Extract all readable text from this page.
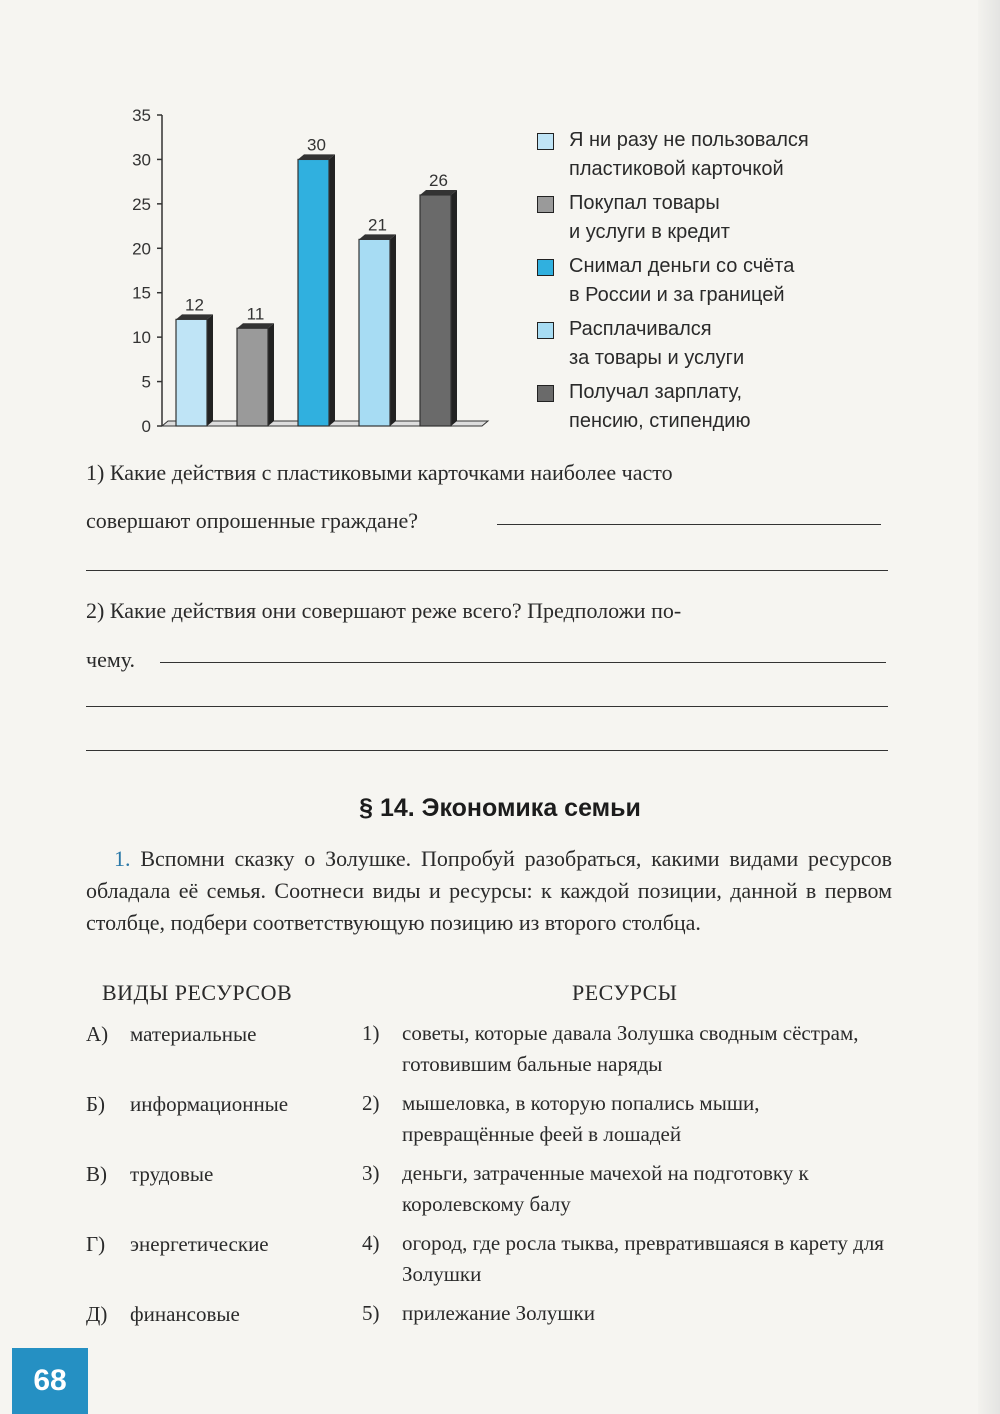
0
5
10
15
20
25
30
35
12	11
30
21
26
Я ни разу не пользовался
пластиковой карточкой
Покупал товары
и услуги в кредит
Снимал деньги со счёта
в России и за границей
Расплачивался
за товары и услуги
Получал зарплату,
пенсию, стипендию
1) Какие действия с пластиковыми карточками наиболее часто
совершают опрошенные граждане?
2) Какие действия они совершают реже всего? Предположи по-
чему.
§ 14. Экономика семьи
1. Вспомни сказку о Золушке. Попробуй разобраться, какими видами ресурсов обладала её семья. Соотнеси виды и ресурсы: к каждой позиции, данной в первом столбце, подбери соответствующую позицию из второго столбца.
ВИДЫ РЕСУРСОВ	РЕСУРСЫ
А) материальные
Б) информационные
В) трудовые
Г) энергетические
Д) финансовые
1) советы, которые давала Золушка сводным сёстрам, готовившим бальные наряды
2) мышеловка, в которую попались мыши, превращённые феей в лошадей
3) деньги, затраченные мачехой на подготовку к королевскому балу
4) огород, где росла тыква, превратившаяся в карету для Золушки
5) прилежание Золушки
68
